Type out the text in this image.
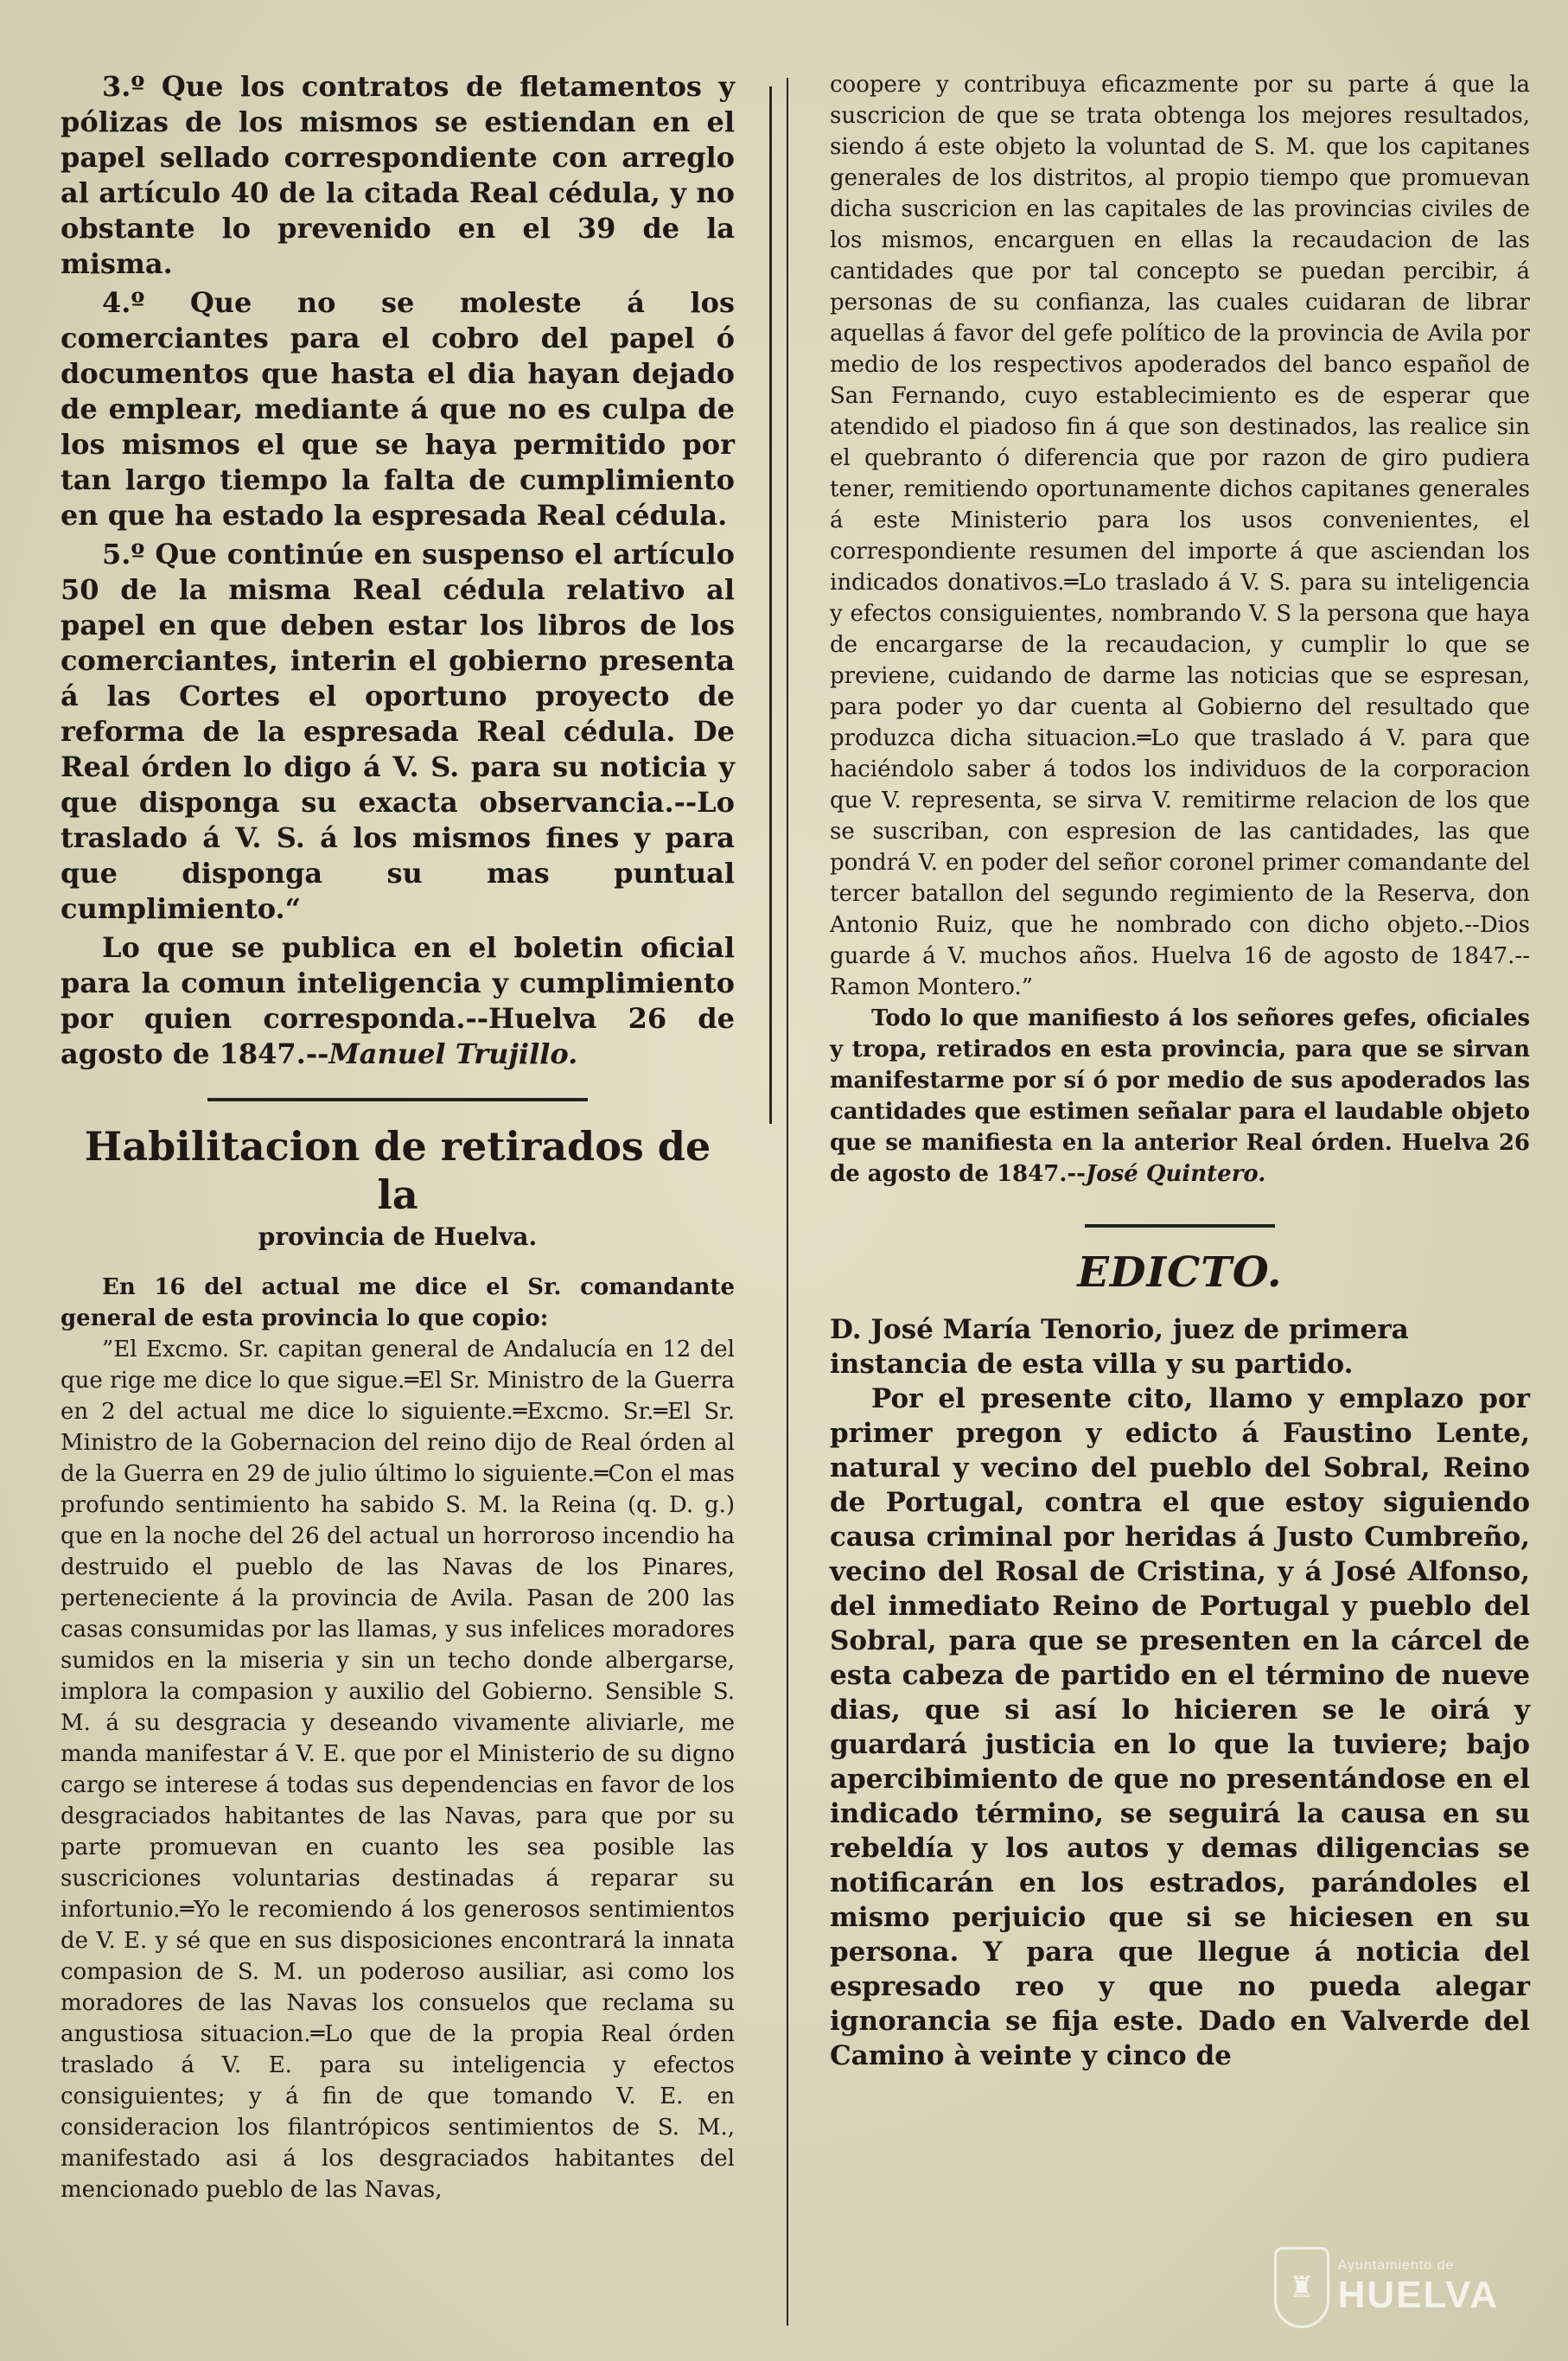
3.º Que los contratos de fletamentos y pólizas de los mismos se estiendan en el papel sellado correspondiente con arreglo al artículo 40 de la citada Real cédula, y no obstante lo prevenido en el 39 de la misma.

4.º Que no se moleste á los comerciantes para el cobro del papel ó documentos que hasta el dia hayan dejado de emplear, mediante á que no es culpa de los mismos el que se haya permitido por tan largo tiempo la falta de cumplimiento en que ha estado la espresada Real cédula.

5.º Que continúe en suspenso el artículo 50 de la misma Real cédula relativo al papel en que deben estar los libros de los comerciantes, interin el gobierno presenta á las Cortes el oportuno proyecto de reforma de la espresada Real cédula. De Real órden lo digo á V. S. para su noticia y que disponga su exacta observancia.--Lo traslado á V. S. á los mismos fines y para que disponga su mas puntual cumplimiento.“

Lo que se publica en el boletin oficial para la comun inteligencia y cumplimiento por quien corresponda.--Huelva 26 de agosto de 1847.--Manuel Trujillo.

Habilitacion de retirados de la
provincia de Huelva.

En 16 del actual me dice el Sr. comandante general de esta provincia lo que copio:

”El Excmo. Sr. capitan general de Andalucía en 12 del que rige me dice lo que sigue.═El Sr. Ministro de la Guerra en 2 del actual me dice lo siguiente.═Excmo. Sr.═El Sr. Ministro de la Gobernacion del reino dijo de Real órden al de la Guerra en 29 de julio último lo siguiente.═Con el mas profundo sentimiento ha sabido S. M. la Reina (q. D. g.) que en la noche del 26 del actual un horroroso incendio ha destruido el pueblo de las Navas de los Pinares, perteneciente á la provincia de Avila. Pasan de 200 las casas consumidas por las llamas, y sus infelices moradores sumidos en la miseria y sin un techo donde albergarse, implora la compasion y auxilio del Gobierno. Sensible S. M. á su desgracia y deseando vivamente aliviarle, me manda manifestar á V. E. que por el Ministerio de su digno cargo se interese á todas sus dependencias en favor de los desgraciados habitantes de las Navas, para que por su parte promuevan en cuanto les sea posible las suscriciones voluntarias destinadas á reparar su infortunio.═Yo le recomiendo á los generosos sentimientos de V. E. y sé que en sus disposiciones encontrará la innata compasion de S. M. un poderoso ausiliar, asi como los moradores de las Navas los consuelos que reclama su angustiosa situacion.═Lo que de la propia Real órden traslado á V. E. para su inteligencia y efectos consiguientes; y á fin de que tomando V. E. en consideracion los filantrópicos sentimientos de S. M., manifestado asi á los desgraciados habitantes del mencionado pueblo de las Navas,

coopere y contribuya eficazmente por su parte á que la suscricion de que se trata obtenga los mejores resultados, siendo á este objeto la voluntad de S. M. que los capitanes generales de los distritos, al propio tiempo que promuevan dicha suscricion en las capitales de las provincias civiles de los mismos, encarguen en ellas la recaudacion de las cantidades que por tal concepto se puedan percibir, á personas de su confianza, las cuales cuidaran de librar aquellas á favor del gefe político de la provincia de Avila por medio de los respectivos apoderados del banco español de San Fernando, cuyo establecimiento es de esperar que atendido el piadoso fin á que son destinados, las realice sin el quebranto ó diferencia que por razon de giro pudiera tener, remitiendo oportunamente dichos capitanes generales á este Ministerio para los usos convenientes, el correspondiente resumen del importe á que asciendan los indicados donativos.═Lo traslado á V. S. para su inteligencia y efectos consiguientes, nombrando V. S la persona que haya de encargarse de la recaudacion, y cumplir lo que se previene, cuidando de darme las noticias que se espresan, para poder yo dar cuenta al Gobierno del resultado que produzca dicha situacion.═Lo que traslado á V. para que haciéndolo saber á todos los individuos de la corporacion que V. representa, se sirva V. remitirme relacion de los que se suscriban, con espresion de las cantidades, las que pondrá V. en poder del señor coronel primer comandante del tercer batallon del segundo regimiento de la Reserva, don Antonio Ruiz, que he nombrado con dicho objeto.--Dios guarde á V. muchos años. Huelva 16 de agosto de 1847.--Ramon Montero.”

Todo lo que manifiesto á los señores gefes, oficiales y tropa, retirados en esta provincia, para que se sirvan manifestarme por sí ó por medio de sus apoderados las cantidades que estimen señalar para el laudable objeto que se manifiesta en la anterior Real órden. Huelva 26 de agosto de 1847.--José Quintero.

EDICTO.

D. José María Tenorio, juez de primera instancia de esta villa y su partido.

Por el presente cito, llamo y emplazo por primer pregon y edicto á Faustino Lente, natural y vecino del pueblo del Sobral, Reino de Portugal, contra el que estoy siguiendo causa criminal por heridas á Justo Cumbreño, vecino del Rosal de Cristina, y á José Alfonso, del inmediato Reino de Portugal y pueblo del Sobral, para que se presenten en la cárcel de esta cabeza de partido en el término de nueve dias, que si así lo hicieren se le oirá y guardará justicia en lo que la tuviere; bajo apercibimiento de que no presentándose en el indicado término, se seguirá la causa en su rebeldía y los autos y demas diligencias se notificarán en los estrados, parándoles el mismo perjuicio que si se hiciesen en su persona. Y para que llegue á noticia del espresado reo y que no pueda alegar ignorancia se fija este. Dado en Valverde del Camino à veinte y cinco de

♜
Ayuntamiento de
HUELVA
